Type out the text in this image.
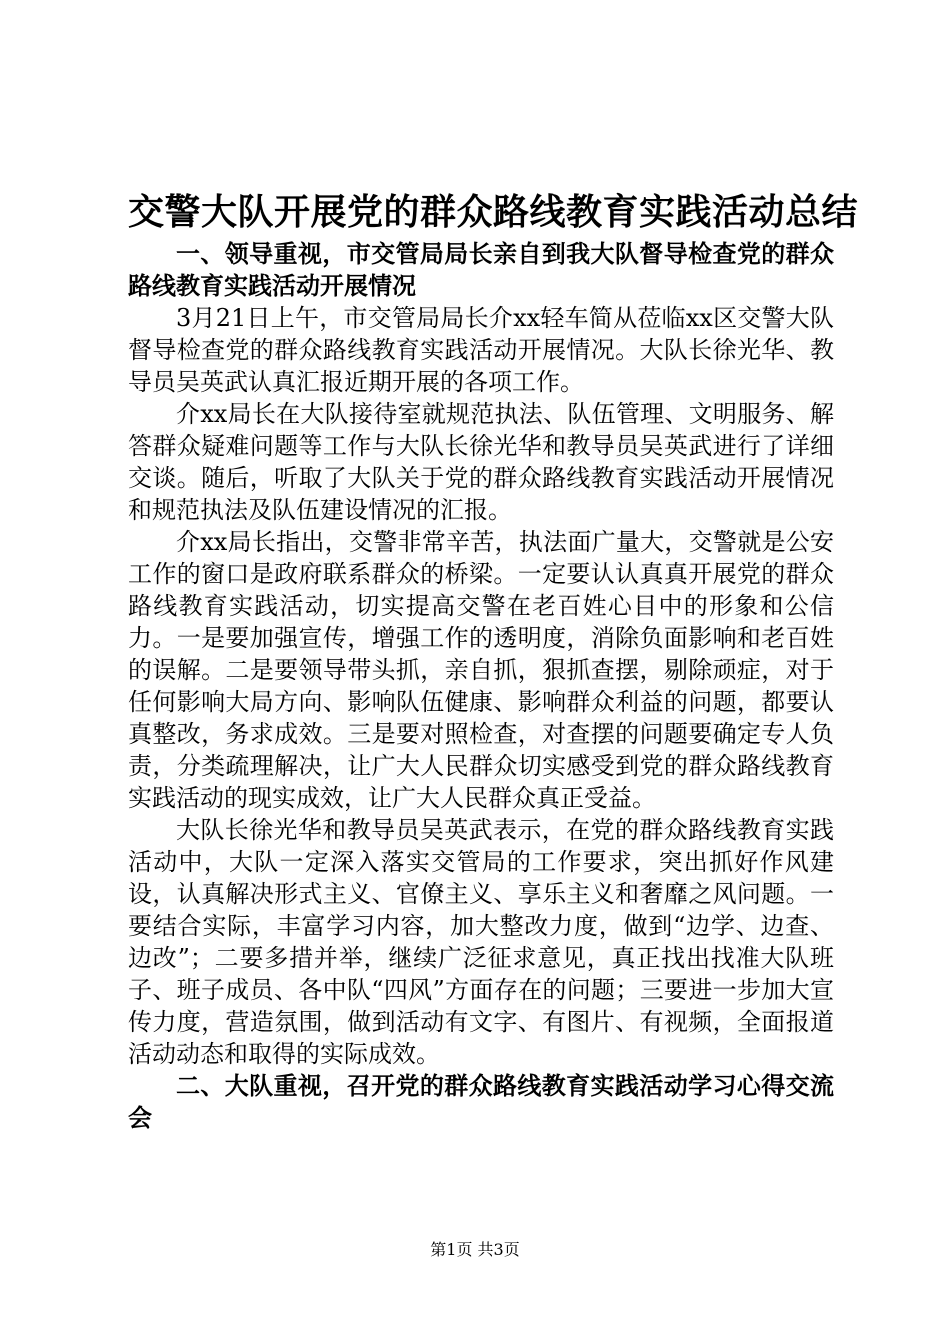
交警大队开展党的群众路线教育实践活动总结

一、领导重视，市交管局局长亲自到我大队督导检查党的群众路线教育实践活动开展情况

3月21日上午，市交管局局长介xx轻车简从莅临xx区交警大队督导检查党的群众路线教育实践活动开展情况。大队长徐光华、教导员吴英武认真汇报近期开展的各项工作。

介xx局长在大队接待室就规范执法、队伍管理、文明服务、解答群众疑难问题等工作与大队长徐光华和教导员吴英武进行了详细交谈。随后，听取了大队关于党的群众路线教育实践活动开展情况和规范执法及队伍建设情况的汇报。

介xx局长指出，交警非常辛苦，执法面广量大，交警就是公安工作的窗口是政府联系群众的桥梁。一定要认认真真开展党的群众路线教育实践活动，切实提高交警在老百姓心目中的形象和公信力。一是要加强宣传，增强工作的透明度，消除负面影响和老百姓的误解。二是要领导带头抓，亲自抓，狠抓查摆，剔除顽症，对于任何影响大局方向、影响队伍健康、影响群众利益的问题，都要认真整改，务求成效。三是要对照检查，对查摆的问题要确定专人负责，分类疏理解决，让广大人民群众切实感受到党的群众路线教育实践活动的现实成效，让广大人民群众真正受益。

大队长徐光华和教导员吴英武表示，在党的群众路线教育实践活动中，大队一定深入落实交管局的工作要求，突出抓好作风建设，认真解决形式主义、官僚主义、享乐主义和奢靡之风问题。一要结合实际，丰富学习内容，加大整改力度，做到“边学、边查、边改”；二要多措并举，继续广泛征求意见，真正找出找准大队班子、班子成员、各中队“四风”方面存在的问题；三要进一步加大宣传力度，营造氛围，做到活动有文字、有图片、有视频，全面报道活动动态和取得的实际成效。

二、大队重视，召开党的群众路线教育实践活动学习心得交流会

第1页 共3页
